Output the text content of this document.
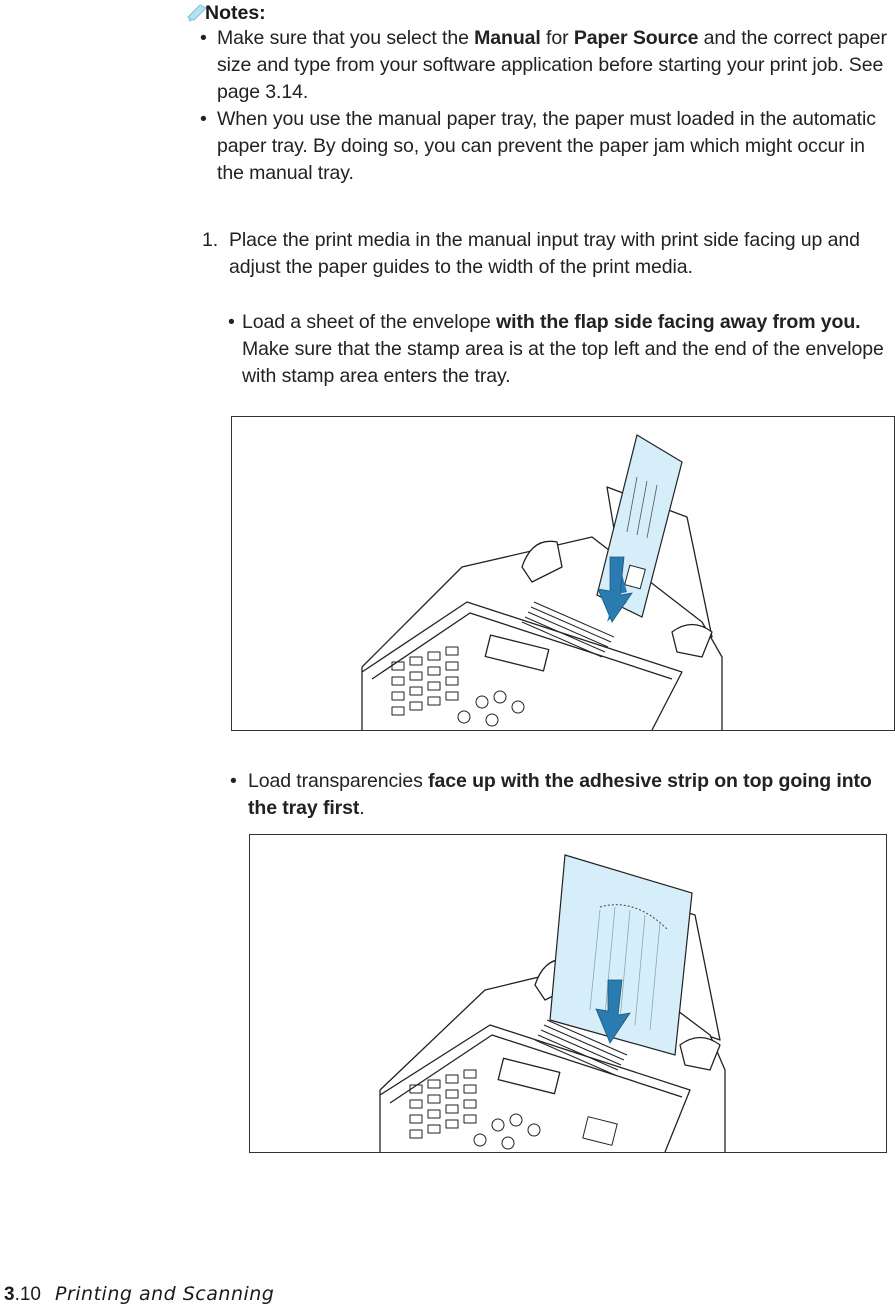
Notes:
• Make sure that you select the Manual for Paper Source and the correct paper size and type from your software application before starting your print job. See page 3.14.
• When you use the manual paper tray, the paper must loaded in the automatic paper tray. By doing so, you can prevent the paper jam which might occur in the manual tray.
1. Place the print media in the manual input tray with print side facing up and adjust the paper guides to the width of the print media.
• Load a sheet of the envelope with the flap side facing away from you. Make sure that the stamp area is at the top left and the end of the envelope with stamp area enters the tray.
• Load transparencies face up with the adhesive strip on top going into the tray first.
3.10 Printing and Scanning
